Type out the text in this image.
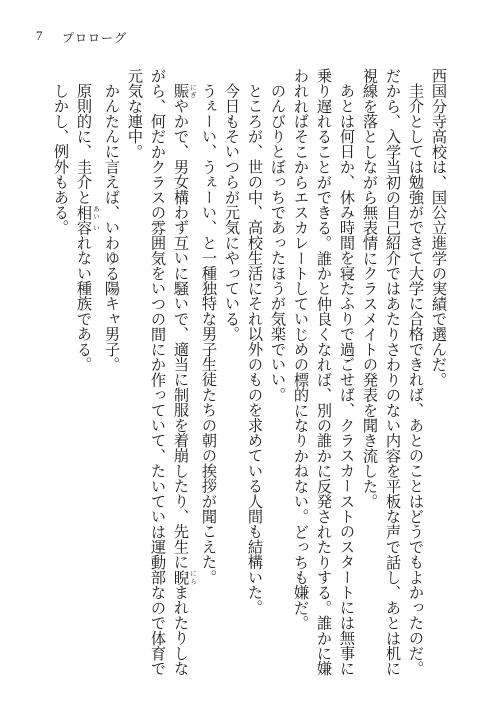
7 プロローグ

西国分寺高校は、国公立進学の実績で選んだ。

圭介としては勉強ができて大学に合格できれば、あとのことはどうでもよかったのだ。

だから、入学当初の自己紹介ではあたりさわりのない内容を平板な声で話し、あとは机に視線を落としながら無表情にクラスメイトの発表を聞き流した。

あとは何日か、休み時間を寝たふりで過ごせば、クラスカーストのスタートには無事に乗り遅れることができる。誰かと仲良くなれば、別の誰かに反発されたりする。誰かに嫌われればそこからエスカレートしていじめの標的になりかねない。どっちも嫌だ。

のんびりとぼっちであったほうが気楽でいい。

ところが、世の中、高校生活にそれ以外のものを求めている人間も結構いた。

今日もそいつらが元気にやっている。

うぇーい、うぇーい、と一種独特な男子生徒たちの朝の挨拶が聞こえた。

賑 にぎやかで、男女構わず互いに騒いで、適当に制服を着崩したり、先生に睨 にらまれたりしながら、何だかクラスの雰囲気をいつの間にか作っていて、たいていは運動部なので体育で元気な連中。

かんたんに言えば、いわゆる陽キャ男子。

原則的に、圭介と相 あい容 いれない種族である。

しかし、例外もある。
